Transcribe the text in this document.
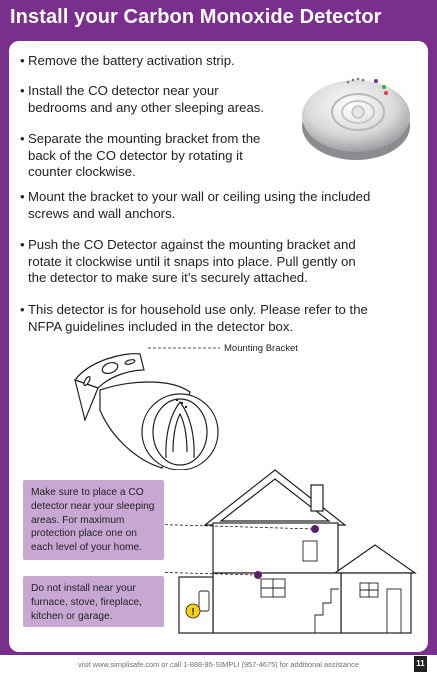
Install your Carbon Monoxide Detector
• Remove the battery activation strip.
• Install the CO detector near your
bedrooms and any other sleeping areas.
• Separate the mounting bracket from the
back of the CO detector by rotating it
counter clockwise.
• Mount the bracket to your wall or ceiling using the included
screws and wall anchors.
• Push the CO Detector against the mounting bracket and
rotate it clockwise until it snaps into place. Pull gently on
the detector to make sure it’s securely attached.
• This detector is for household use only. Please refer to the
NFPA guidelines included in the detector box.
Mounting Bracket
!
Make sure to place a CO
detector near your sleeping
areas. For maximum
protection place one on
each level of your home.
Do not install near your
furnace, stove, fireplace,
kitchen or garage.
visit www.simplisafe.com or call 1-888-95-SIMPLI (957-4675) for additional assistance	11
